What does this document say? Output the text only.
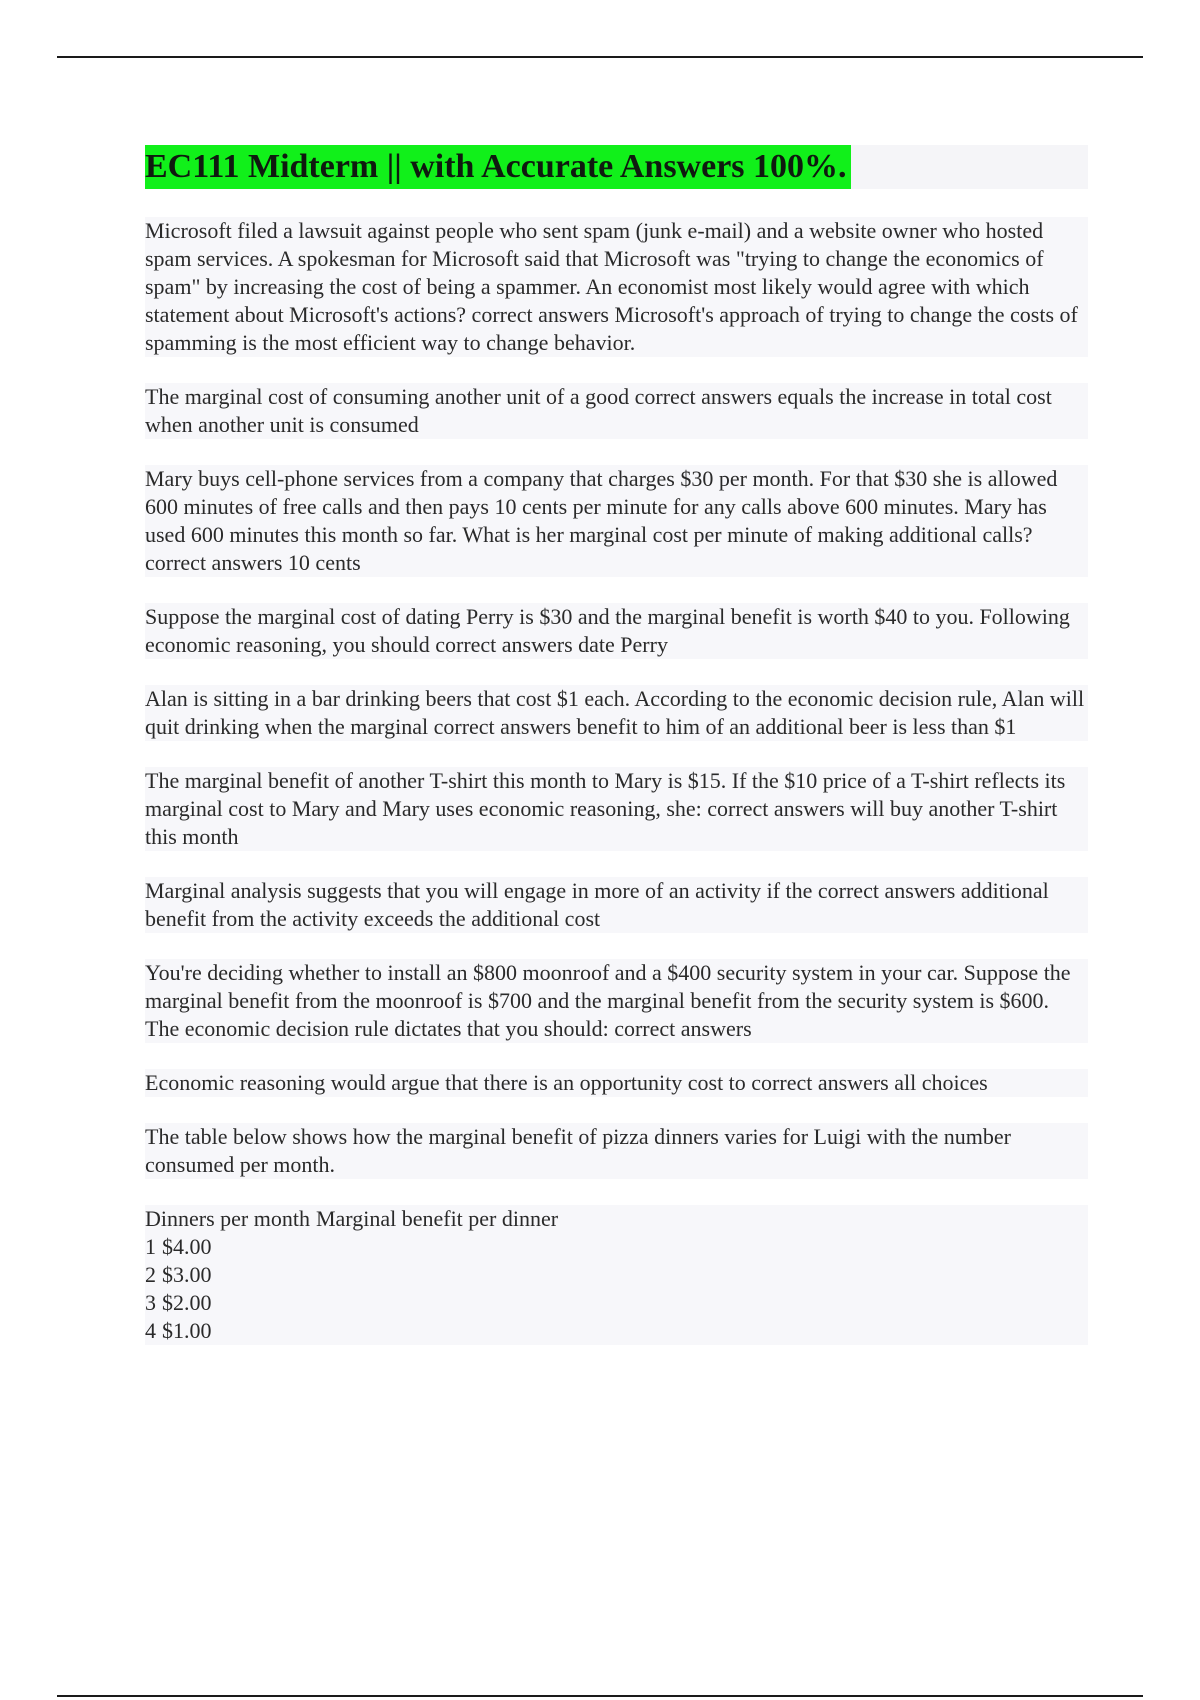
EC111 Midterm || with Accurate Answers 100%.
Microsoft filed a lawsuit against people who sent spam (junk e-mail) and a website owner who hosted spam services. A spokesman for Microsoft said that Microsoft was "trying to change the economics of spam" by increasing the cost of being a spammer. An economist most likely would agree with which statement about Microsoft's actions? correct answers Microsoft's approach of trying to change the costs of spamming is the most efficient way to change behavior.
The marginal cost of consuming another unit of a good correct answers equals the increase in total cost when another unit is consumed
Mary buys cell-phone services from a company that charges $30 per month. For that $30 she is allowed 600 minutes of free calls and then pays 10 cents per minute for any calls above 600 minutes. Mary has used 600 minutes this month so far. What is her marginal cost per minute of making additional calls? correct answers 10 cents
Suppose the marginal cost of dating Perry is $30 and the marginal benefit is worth $40 to you. Following economic reasoning, you should correct answers date Perry
Alan is sitting in a bar drinking beers that cost $1 each. According to the economic decision rule, Alan will quit drinking when the marginal correct answers benefit to him of an additional beer is less than $1
The marginal benefit of another T-shirt this month to Mary is $15. If the $10 price of a T-shirt reflects its marginal cost to Mary and Mary uses economic reasoning, she: correct answers will buy another T-shirt this month
Marginal analysis suggests that you will engage in more of an activity if the correct answers additional benefit from the activity exceeds the additional cost
You're deciding whether to install an $800 moonroof and a $400 security system in your car. Suppose the marginal benefit from the moonroof is $700 and the marginal benefit from the security system is $600. The economic decision rule dictates that you should: correct answers
Economic reasoning would argue that there is an opportunity cost to correct answers all choices
The table below shows how the marginal benefit of pizza dinners varies for Luigi with the number consumed per month.
Dinners per month Marginal benefit per dinner
1 $4.00
2 $3.00
3 $2.00
4 $1.00
